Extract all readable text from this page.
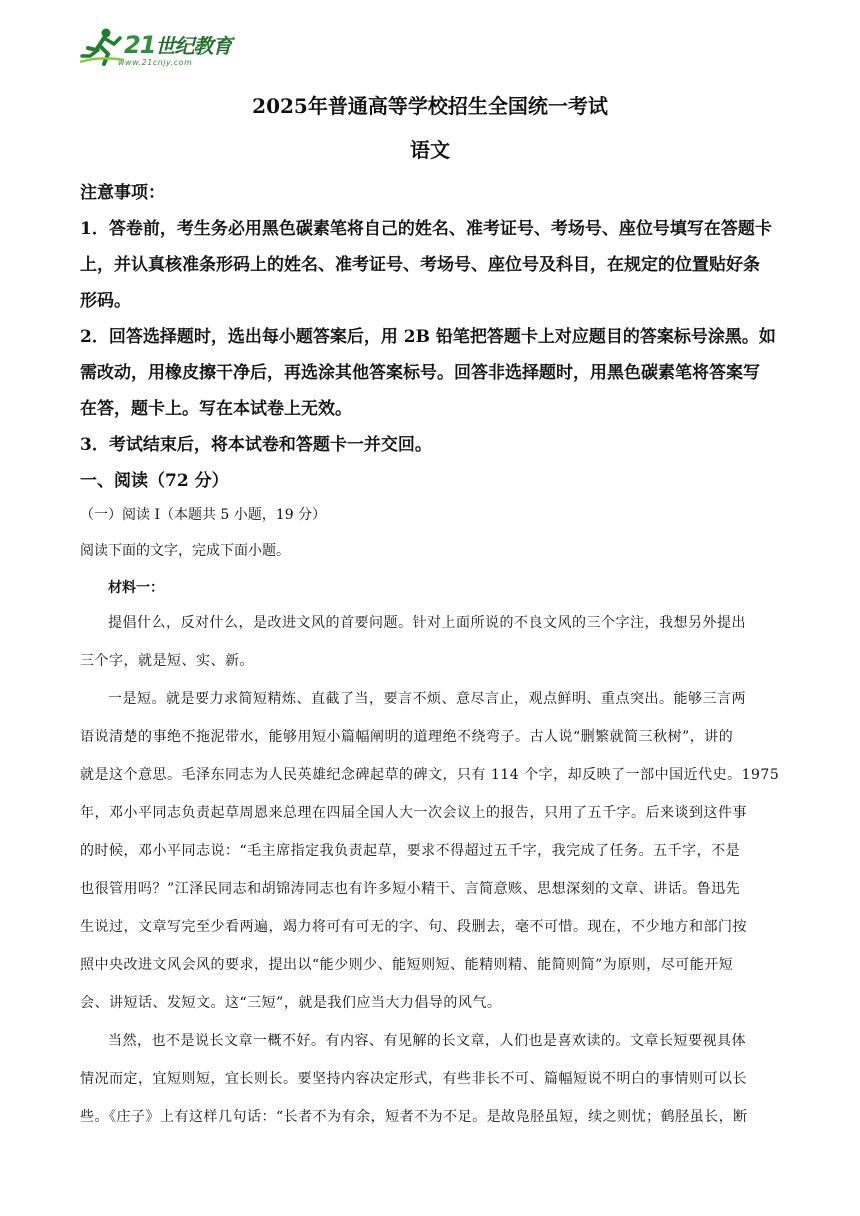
21世纪教育
www.21cnjy.com
2025年普通高等学校招生全国统一考试
语文
注意事项：
1．答卷前，考生务必用黑色碳素笔将自己的姓名、准考证号、考场号、座位号填写在答题卡
上，并认真核准条形码上的姓名、准考证号、考场号、座位号及科目，在规定的位置贴好条
形码。
2．回答选择题时，选出每小题答案后，用 2B 铅笔把答题卡上对应题目的答案标号涂黑。如
需改动，用橡皮擦干净后，再选涂其他答案标号。回答非选择题时，用黑色碳素笔将答案写
在答，题卡上。写在本试卷上无效。
3．考试结束后，将本试卷和答题卡一并交回。
一、阅读（72 分）
（一）阅读 I（本题共 5 小题，19 分）
阅读下面的文字，完成下面小题。
材料一：
提倡什么，反对什么，是改进文风的首要问题。针对上面所说的不良文风的三个字注，我想另外提出
三个字，就是短、实、新。
一是短。就是要力求简短精炼、直截了当，要言不烦、意尽言止，观点鲜明、重点突出。能够三言两
语说清楚的事绝不拖泥带水，能够用短小篇幅阐明的道理绝不绕弯子。古人说“删繁就简三秋树”，讲的
就是这个意思。毛泽东同志为人民英雄纪念碑起草的碑文，只有 114 个字，却反映了一部中国近代史。1975
年，邓小平同志负责起草周恩来总理在四届全国人大一次会议上的报告，只用了五千字。后来谈到这件事
的时候，邓小平同志说：“毛主席指定我负责起草，要求不得超过五千字，我完成了任务。五千字，不是
也很管用吗？”江泽民同志和胡锦涛同志也有许多短小精干、言简意赅、思想深刻的文章、讲话。鲁迅先
生说过，文章写完至少看两遍，竭力将可有可无的字、句、段删去，毫不可惜。现在，不少地方和部门按
照中央改进文风会风的要求，提出以“能少则少、能短则短、能精则精、能简则简”为原则，尽可能开短
会、讲短话、发短文。这“三短”，就是我们应当大力倡导的风气。
当然，也不是说长文章一概不好。有内容、有见解的长文章，人们也是喜欢读的。文章长短要视具体
情况而定，宜短则短，宜长则长。要坚持内容决定形式，有些非长不可、篇幅短说不明白的事情则可以长
些。《庄子》上有这样几句话：“长者不为有余，短者不为不足。是故凫胫虽短，续之则忧；鹤胫虽长，断
